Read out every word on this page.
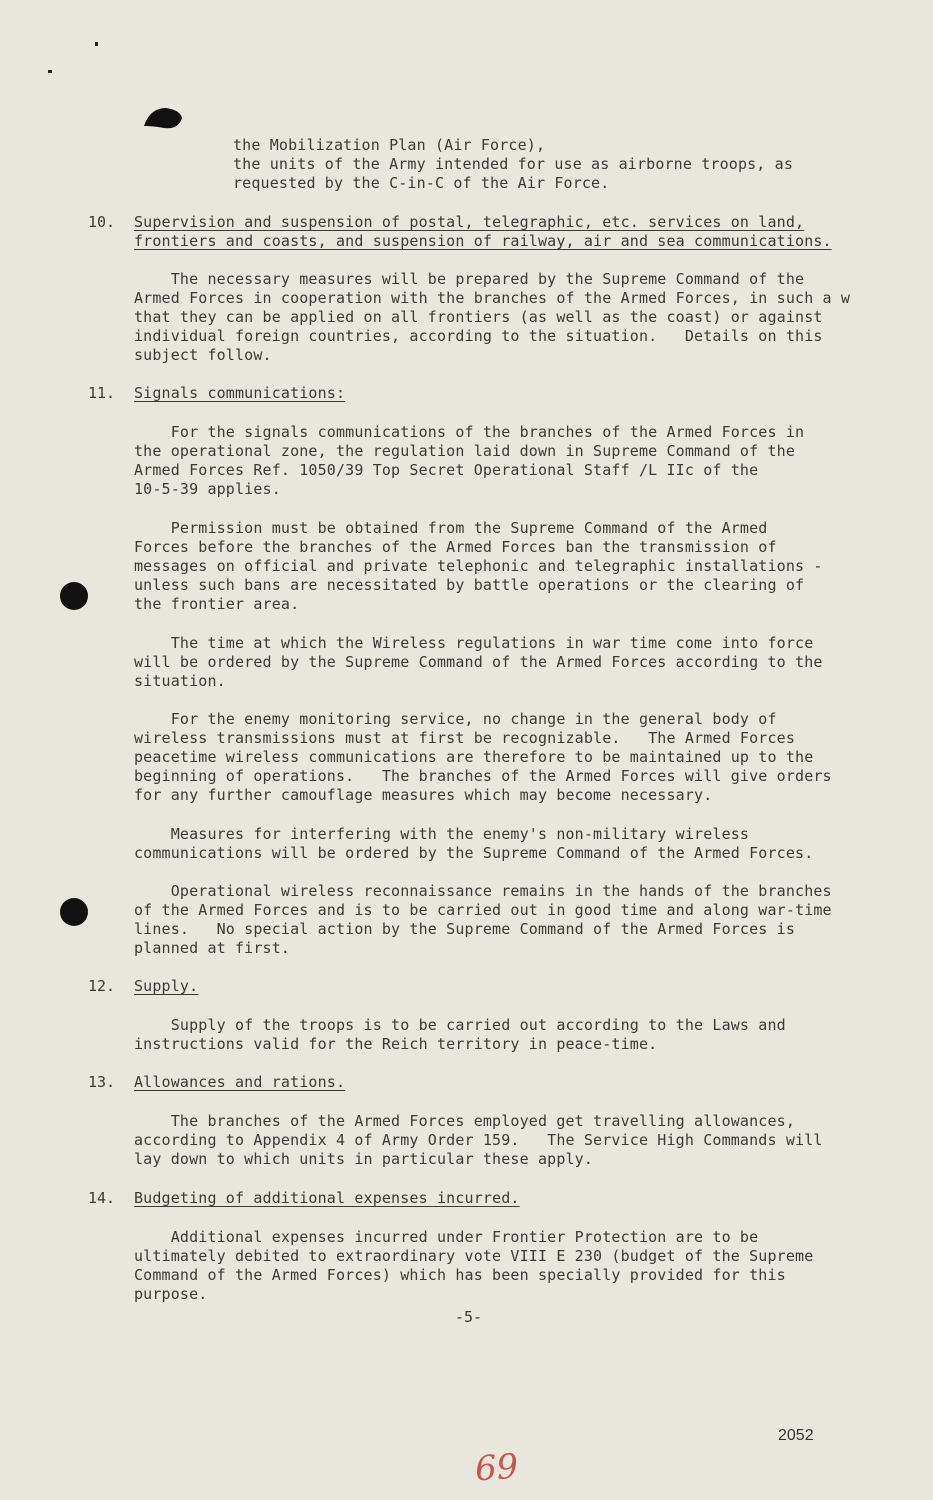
the Mobilization Plan (Air Force),
the units of the Army intended for use as airborne troops, as
requested by the C-in-C of the Air Force.
10. Supervision and suspension of postal, telegraphic, etc. services on land,
frontiers and coasts, and suspension of railway, air and sea communications.
The necessary measures will be prepared by the Supreme Command of the
Armed Forces in cooperation with the branches of the Armed Forces, in such a w
that they can be applied on all frontiers (as well as the coast) or against
individual foreign countries, according to the situation.   Details on this
subject follow.
11. Signals communications:
For the signals communications of the branches of the Armed Forces in
the operational zone, the regulation laid down in Supreme Command of the
Armed Forces Ref. 1050/39 Top Secret Operational Staff /L IIc of the
10-5-39 applies.
Permission must be obtained from the Supreme Command of the Armed
Forces before the branches of the Armed Forces ban the transmission of
messages on official and private telephonic and telegraphic installations -
unless such bans are necessitated by battle operations or the clearing of
the frontier area.
The time at which the Wireless regulations in war time come into force
will be ordered by the Supreme Command of the Armed Forces according to the
situation.
For the enemy monitoring service, no change in the general body of
wireless transmissions must at first be recognizable.   The Armed Forces
peacetime wireless communications are therefore to be maintained up to the
beginning of operations.   The branches of the Armed Forces will give orders
for any further camouflage measures which may become necessary.
Measures for interfering with the enemy's non-military wireless
communications will be ordered by the Supreme Command of the Armed Forces.
Operational wireless reconnaissance remains in the hands of the branches
of the Armed Forces and is to be carried out in good time and along war-time
lines.   No special action by the Supreme Command of the Armed Forces is
planned at first.
12. Supply.
Supply of the troops is to be carried out according to the Laws and
instructions valid for the Reich territory in peace-time.
13. Allowances and rations.
The branches of the Armed Forces employed get travelling allowances,
according to Appendix 4 of Army Order 159.   The Service High Commands will
lay down to which units in particular these apply.
14. Budgeting of additional expenses incurred.
Additional expenses incurred under Frontier Protection are to be
ultimately debited to extraordinary vote VIII E 230 (budget of the Supreme
Command of the Armed Forces) which has been specially provided for this
purpose.
-5-
2052
69
